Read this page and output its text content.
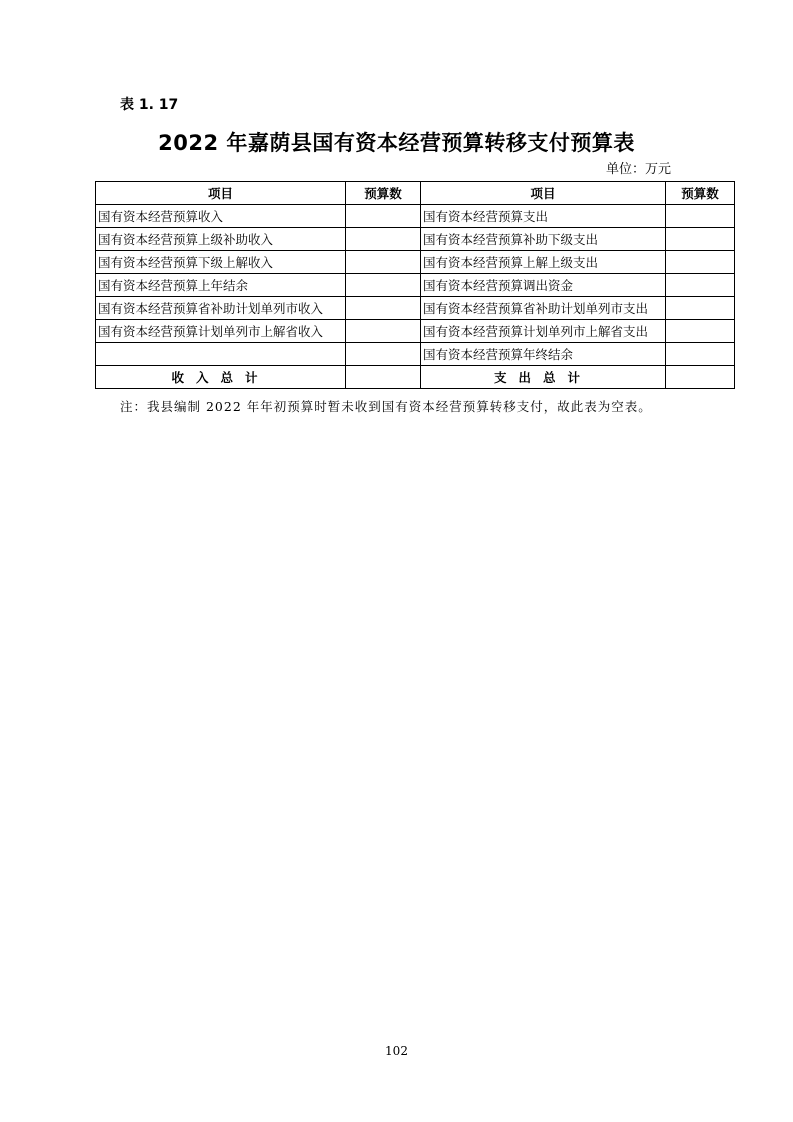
表 1. 17
2022 年嘉荫县国有资本经营预算转移支付预算表
单位：万元
项目	预算数	项目	预算数
国有资本经营预算收入		国有资本经营预算支出	
国有资本经营预算上级补助收入		国有资本经营预算补助下级支出	
国有资本经营预算下级上解收入		国有资本经营预算上解上级支出	
国有资本经营预算上年结余		国有资本经营预算调出资金	
国有资本经营预算省补助计划单列市收入		国有资本经营预算省补助计划单列市支出	
国有资本经营预算计划单列市上解省收入		国有资本经营预算计划单列市上解省支出	
		国有资本经营预算年终结余	
收入总计		支出总计	
注：我县编制 2022 年年初预算时暂未收到国有资本经营预算转移支付，故此表为空表。
102
